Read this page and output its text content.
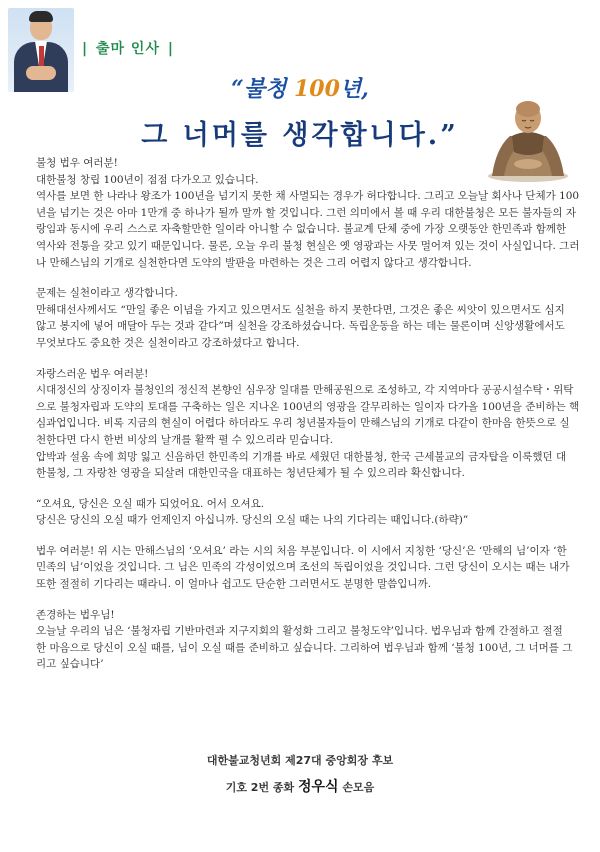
| 출마 인사 |
“불청 100년,
그 너머를 생각합니다.”

불청 법우 여러분!

대한불청 창립 100년이 점점 다가오고 있습니다.

역사를 보면 한 나라나 왕조가 100년을 넘기지 못한 채 사멸되는 경우가 허다합니다. 그리고 오늘날 회사나 단체가 100

년을 넘기는 것은 아마 1만개 중 하나가 될까 말까 할 것입니다. 그런 의미에서 볼 때 우리 대한불청은 모든 불자들의 자

랑임과 동시에 우리 스스로 자축할만한 일이라 아니할 수 없습니다. 불교계 단체 중에 가장 오랫동안 한민족과 함께한

역사와 전통을 갖고 있기 때문입니다. 물론, 오늘 우리 불청 현실은 옛 영광과는 사뭇 멀어져 있는 것이 사실입니다. 그러

나 만해스님의 기개로 실천한다면 도약의 발판을 마련하는 것은 그리 어렵지 않다고 생각합니다.

문제는 실천이라고 생각합니다.

만해대선사께서도 “만일 좋은 이념을 가지고 있으면서도 실천을 하지 못한다면, 그것은 좋은 씨앗이 있으면서도 심지

않고 봉지에 넣어 매달아 두는 것과 같다”며 실천을 강조하셨습니다. 독립운동을 하는 데는 물론이며 신앙생활에서도

무엇보다도 중요한 것은 실천이라고 강조하셨다고 합니다.

자랑스러운 법우 여러분!

시대정신의 상징이자 불청인의 정신적 본향인 심우장 일대를 만해공원으로 조성하고, 각 지역마다 공공시설수탁・위탁

으로 불청자립과 도약의 토대를 구축하는 일은 지나온 100년의 영광을 갈무리하는 일이자 다가올 100년을 준비하는 핵

심과업입니다. 비록 지금의 현실이 어렵다 하더라도 우리 청년불자들이 만해스님의 기개로 다같이 한마음 한뜻으로 실

천한다면 다시 한번 비상의 날개를 활짝 펼 수 있으리라 믿습니다.

압박과 설움 속에 희망 잃고 신음하던 한민족의 기개를 바로 세웠던 대한불청, 한국 근세불교의 금자탑을 이룩했던 대

한불청, 그 자랑찬 영광을 되살려 대한민국을 대표하는 청년단체가 될 수 있으리라 확신합니다.

“오셔요, 당신은 오실 때가 되었어요. 어서 오셔요.

당신은 당신의 오실 때가 언제인지 아십니까. 당신의 오실 때는 나의 기다리는 때입니다.(하략)”

법우 여러분! 위 시는 만해스님의 ‘오셔요’ 라는 시의 처음 부분입니다. 이 시에서 지칭한 ‘당신’은 ‘만해의 님’이자 ‘한

민족의 님’이었을 것입니다. 그 님은 민족의 각성이었으며 조선의 독립이었을 것입니다. 그런 당신이 오시는 때는 내가

또한 절절히 기다리는 때라니. 이 얼마나 쉽고도 단순한 그러면서도 분명한 말씀입니까.

존경하는 법우님!

오늘날 우리의 님은 ‘불청자립 기반마련과 지구지회의 활성화 그리고 불청도약’입니다. 법우님과 함께 간절하고 절절

한 마음으로 당신이 오실 때를, 님이 오실 때를 준비하고 싶습니다. 그리하여 법우님과 함께 ‘불청 100년, 그 너머를 그

리고 싶습니다’

대한불교청년회 제27대 중앙회장 후보
기호 2번 종화 정우식 손모음
